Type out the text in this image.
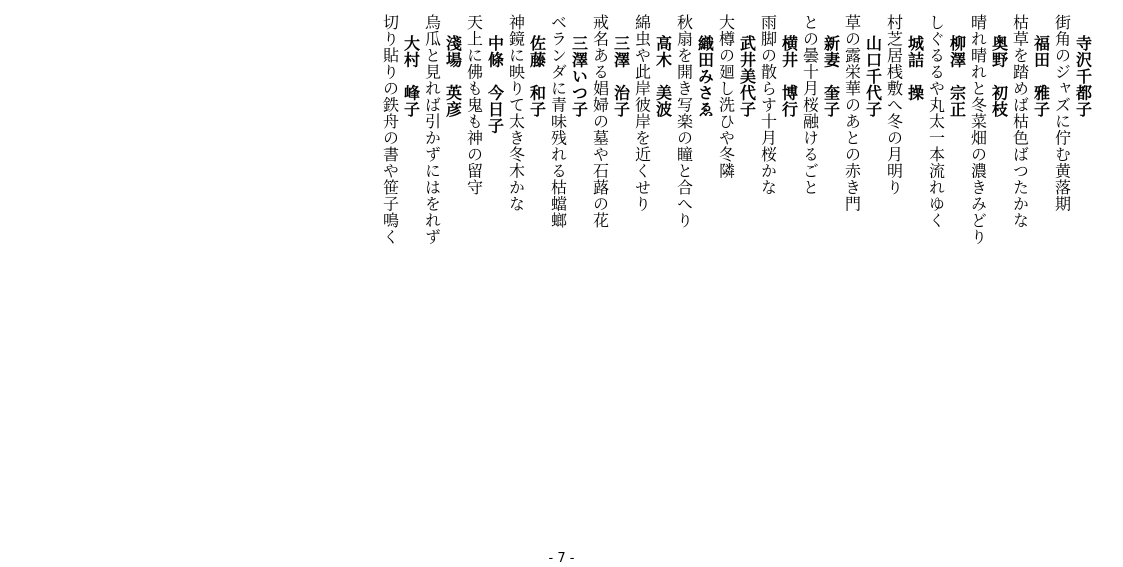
寺沢千都子
街角のジャズに佇む黄落期
福田　雅子
枯草を踏めば枯色ばつたかな
奥野　初枝
晴れ晴れと冬菜畑の濃きみどり
柳澤　宗正
しぐるるや丸太一本流れゆく
城詰　操
村芝居桟敷へ冬の月明り
山口千代子
草の露栄華のあとの赤き門
新妻　奎子
との曇十月桜融けるごと
横井　博行
雨脚の散らす十月桜かな
武井美代子
大樽の廻し洗ひや冬隣
織田みさゑ
秋扇を開き写楽の瞳と合へり
高木　美波
綿虫や此岸彼岸を近くせり
三澤　治子
戒名ある娼婦の墓や石蕗の花
三澤いつ子
ベランダに青味残れる枯蟷螂
佐藤　和子
神鏡に映りて太き冬木かな
中條　今日子
天上に佛も鬼も神の留守
淺場　英彦
烏瓜と見れば引かずにはをれず
大村　峰子
切り貼りの鉄舟の書や笹子鳴く
- 7 -
